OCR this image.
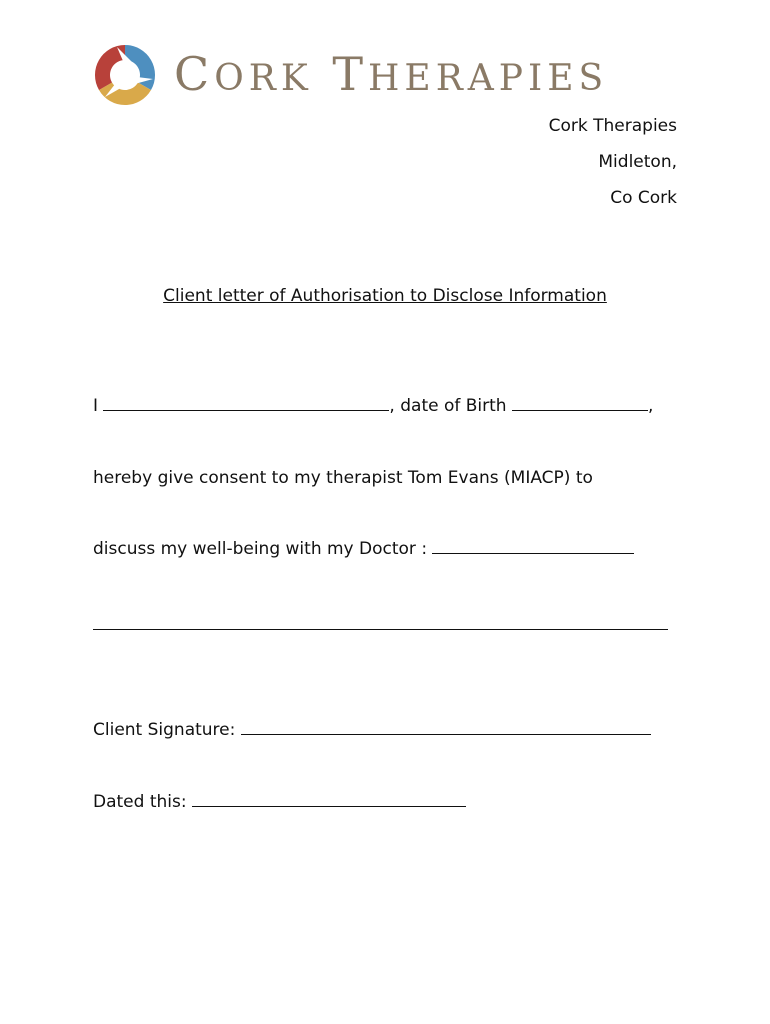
CORK THERAPIES
Cork Therapies
Midleton,
Co Cork
Client letter of Authorisation to Disclose Information
I	, date of Birth	,
hereby give consent to my therapist Tom Evans (MIACP) to
discuss my well-being with my Doctor :
Client Signature:
Dated this:
